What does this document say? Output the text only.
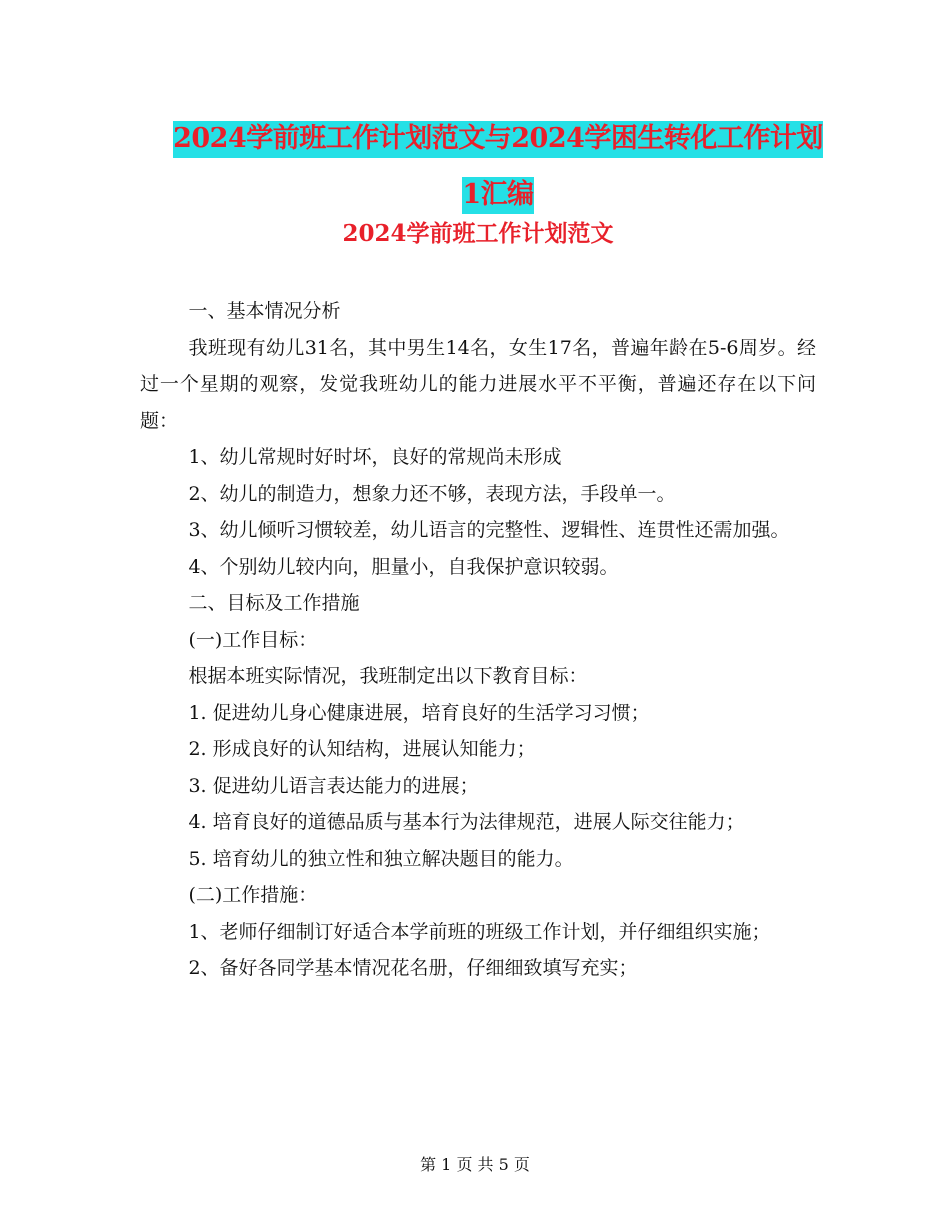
2024学前班工作计划范文与2024学困生转化工作计划
1汇编
2024学前班工作计划范文

一、基本情况分析

我班现有幼儿31名，其中男生14名，女生17名，普遍年龄在5-6周岁。经过一个星期的观察，发觉我班幼儿的能力进展水平不平衡，普遍还存在以下问题：

1、幼儿常规时好时坏，良好的常规尚未形成

2、幼儿的制造力，想象力还不够，表现方法，手段单一。

3、幼儿倾听习惯较差，幼儿语言的完整性、逻辑性、连贯性还需加强。

4、个别幼儿较内向，胆量小，自我保护意识较弱。

二、目标及工作措施

(一)工作目标：

根据本班实际情况，我班制定出以下教育目标：

1. 促进幼儿身心健康进展，培育良好的生活学习习惯；

2. 形成良好的认知结构，进展认知能力；

3. 促进幼儿语言表达能力的进展；

4. 培育良好的道德品质与基本行为法律规范，进展人际交往能力；

5. 培育幼儿的独立性和独立解决题目的能力。

(二)工作措施：

1、老师仔细制订好适合本学前班的班级工作计划，并仔细组织实施；

2、备好各同学基本情况花名册，仔细细致填写充实；

第 1 页 共 5 页
